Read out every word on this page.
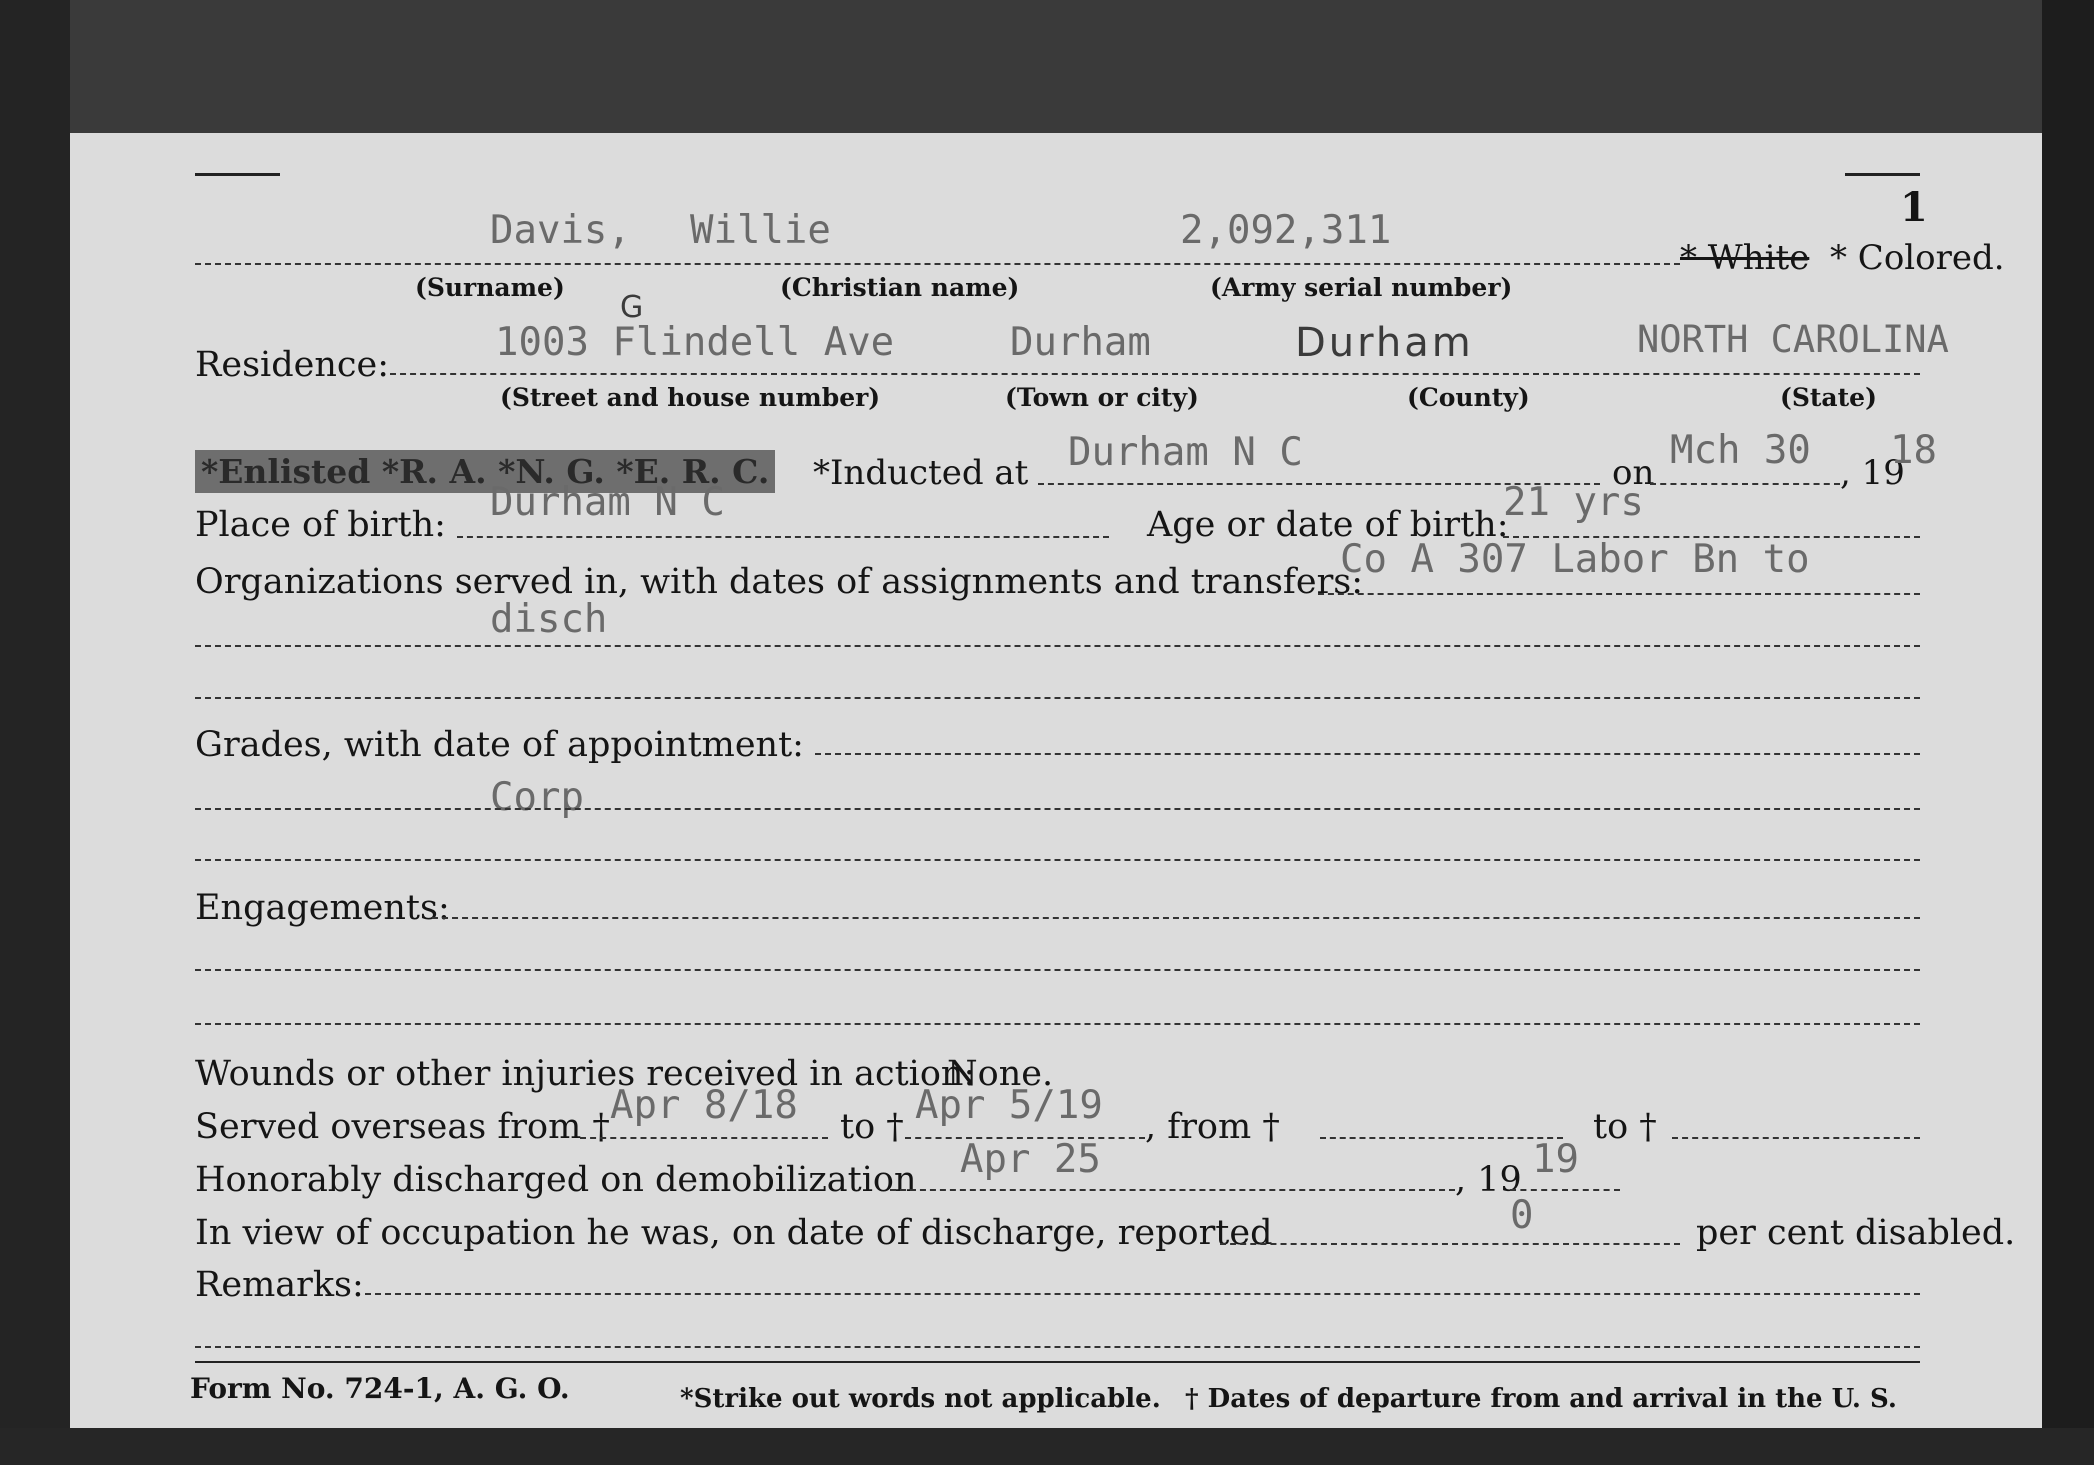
1
Davis, Willie	2,092,311
* White * Colored.
(Surname)	(Christian name)	(Army serial number)
G
Residence:	1003 Flindell Ave	Durham	Durham	NORTH CAROLINA
(Street and house number)	(Town or city)	(County)	(State)
*Enlisted *R. A. *N. G. *E. R. C. *Inducted at Durham N C	on Mch 30 , 19
18
Place of birth: Durham N C	Age or date of birth:
21 yrs
Organizations served in, with dates of assignments and transfers:
Co A 307 Labor Bn to
disch
Grades, with date of appointment:
Corp
Engagements:
Wounds or other injuries received in action:
None.
Served overseas from † Apr 8/18 to † Apr 5/19 , from †	to †
Honorably discharged on demobilization Apr 25	, 19 19
In view of occupation he was, on date of discharge, reported	0	per cent disabled.
Remarks:
Form No. 724-1, A. G. O.	*Strike out words not applicable. † Dates of departure from and arrival in the U. S.
